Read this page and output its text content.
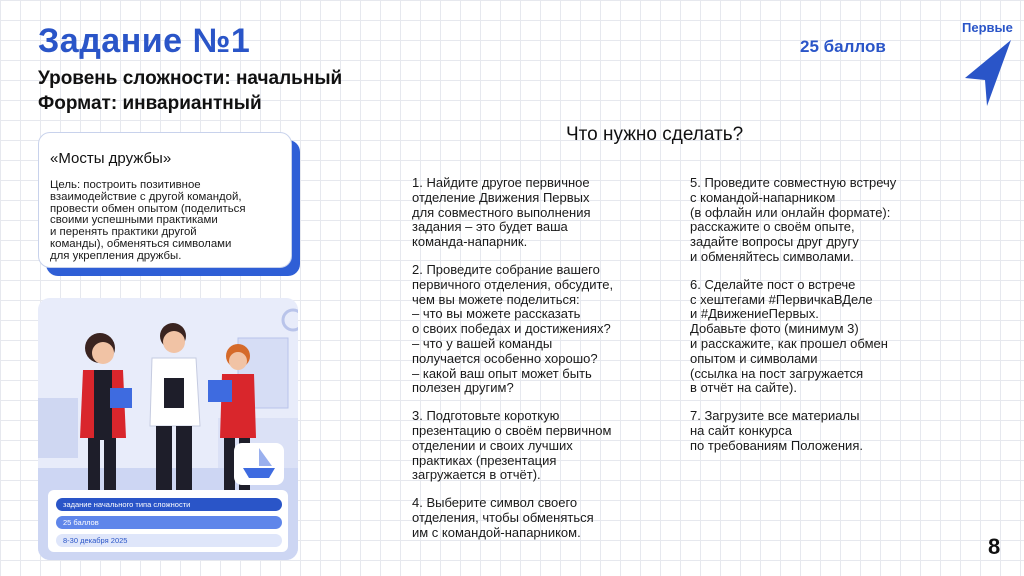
Задание №1	25 баллов
Уровень сложности: начальный
Формат: инвариантный
Первые
«Мосты дружбы»
Цель: построить позитивное
взаимодействие с другой командой,
провести обмен опытом (поделиться
своими успешными практиками
и перенять практики другой
команды), обменяться символами
для укрепления дружбы.
задание начального типа сложности
25 баллов
8-30 декабря 2025
Что нужно сделать?

1. Найдите другое первичное
отделение Движения Первых
для совместного выполнения
задания – это будет ваша
команда-напарник.

2. Проведите собрание вашего
первичного отделения, обсудите,
чем вы можете поделиться:
– что вы можете рассказать
о своих победах и достижениях?
– что у вашей команды
получается особенно хорошо?
– какой ваш опыт может быть
полезен другим?

3. Подготовьте короткую
презентацию о своём первичном
отделении и своих лучших
практиках (презентация
загружается в отчёт).

4. Выберите символ своего
отделения, чтобы обменяться
им с командой-напарником.

5. Проведите совместную встречу
с командой-напарником
(в офлайн или онлайн формате):
расскажите о своём опыте,
задайте вопросы друг другу
и обменяйтесь символами.

6. Сделайте пост о встрече
с хештегами #ПервичкаВДеле
и #ДвижениеПервых.
Добавьте фото (минимум 3)
и расскажите, как прошел обмен
опытом и символами
(ссылка на пост загружается
в отчёт на сайте).

7. Загрузите все материалы
на сайт конкурса
по требованиям Положения.

8
